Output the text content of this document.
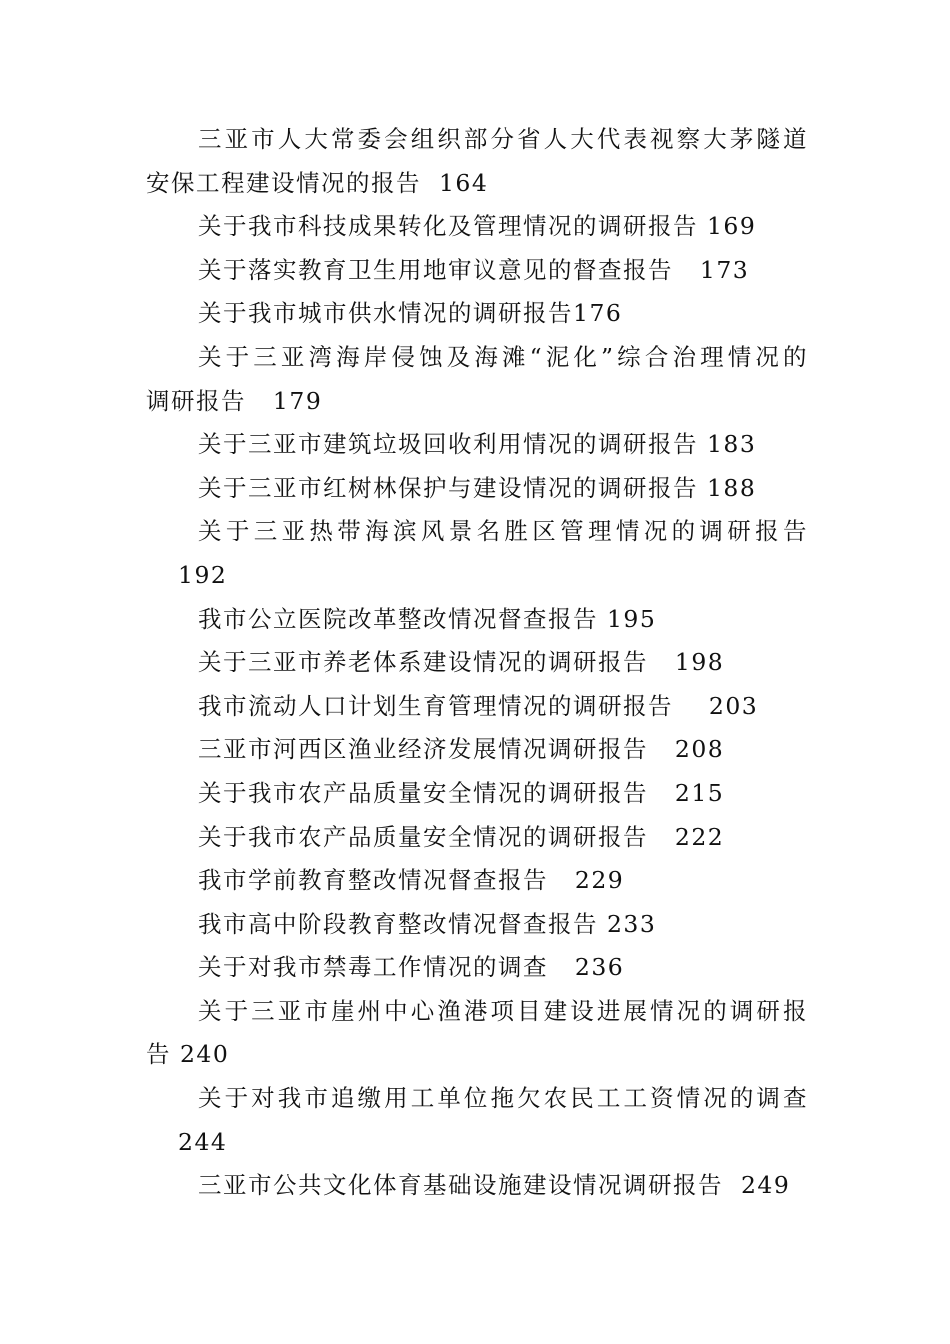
三亚市人大常委会组织部分省人大代表视察大茅隧道
安保工程建设情况的报告  164
关于我市科技成果转化及管理情况的调研报告 169
关于落实教育卫生用地审议意见的督查报告   173
关于我市城市供水情况的调研报告176
关于三亚湾海岸侵蚀及海滩“泥化”综合治理情况的
调研报告   179
关于三亚市建筑垃圾回收利用情况的调研报告 183
关于三亚市红树林保护与建设情况的调研报告 188
关于三亚热带海滨风景名胜区管理情况的调研报告
192
我市公立医院改革整改情况督查报告 195
关于三亚市养老体系建设情况的调研报告   198
我市流动人口计划生育管理情况的调研报告    203
三亚市河西区渔业经济发展情况调研报告   208
关于我市农产品质量安全情况的调研报告   215
关于我市农产品质量安全情况的调研报告   222
我市学前教育整改情况督查报告   229
我市高中阶段教育整改情况督查报告 233
关于对我市禁毒工作情况的调查   236
关于三亚市崖州中心渔港项目建设进展情况的调研报
告 240
关于对我市追缴用工单位拖欠农民工工资情况的调查
244
三亚市公共文化体育基础设施建设情况调研报告  249
